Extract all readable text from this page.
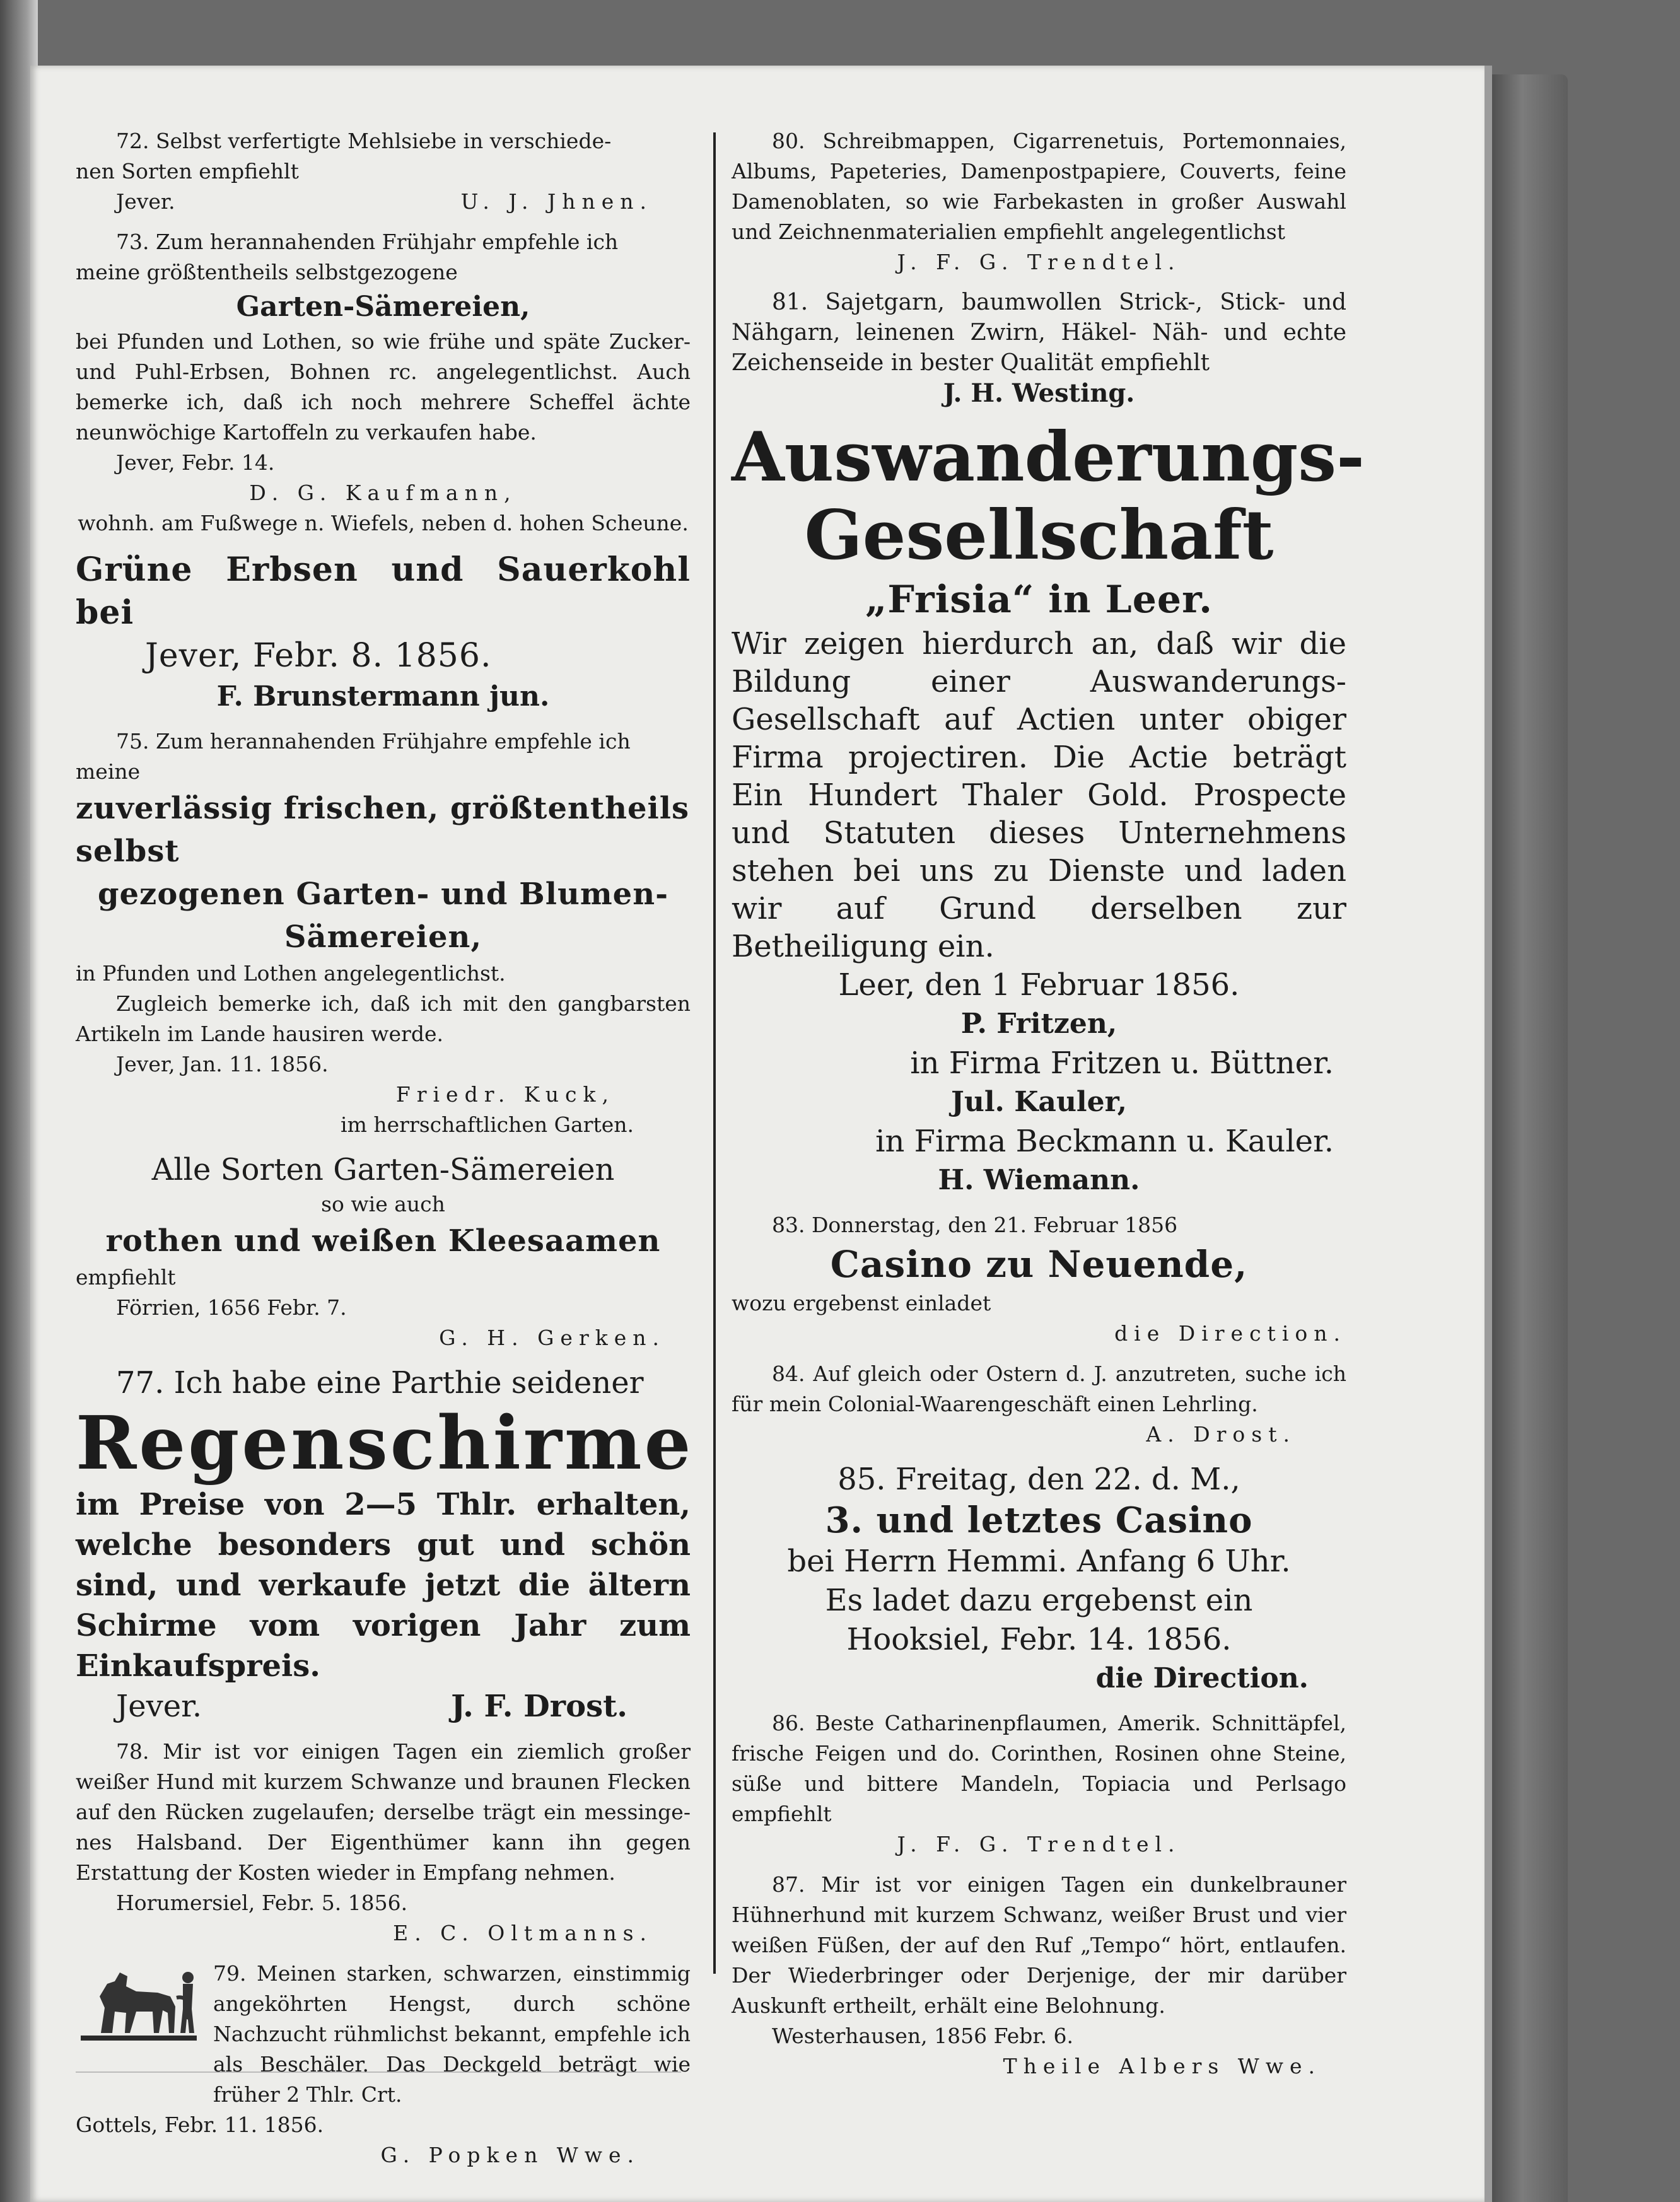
72. Selbst verfertigte Mehlsiebe in verschiede-
nen Sorten empfiehlt
Jever.	U. J. Jhnen.
73. Zum herannahenden Frühjahr empfehle ich
meine größtentheils selbstgezogene
Garten-Sämereien,
bei Pfunden und Lothen, so wie frühe und späte Zucker- und Puhl-Erbsen, Bohnen rc. angelegentlichst. Auch bemerke ich, daß ich noch mehrere Scheffel ächte neunwöchige Kartoffeln zu verkaufen habe.
Jever, Febr. 14.
D. G. Kaufmann,
wohnh. am Fußwege n. Wiefels, neben d. hohen Scheune.
Grüne Erbsen und Sauerkohl bei
Jever, Febr. 8. 1856.
F. Brunstermann jun.
75. Zum herannahenden Frühjahre empfehle ich
meine
zuverlässig frischen, größtentheils selbst
gezogenen Garten- und Blumen-
Sämereien,
in Pfunden und Lothen angelegentlichst.
Zugleich bemerke ich, daß ich mit den gangbarsten Artikeln im Lande hausiren werde.
Jever, Jan. 11. 1856.
Friedr. Kuck,
im herrschaftlichen Garten.
Alle Sorten Garten-Sämereien
so wie auch
rothen und weißen Kleesaamen
empfiehlt
Förrien, 1656 Febr. 7.
G. H. Gerken.
77. Ich habe eine Parthie seidener
Regenschirme
im Preise von 2—5 Thlr. erhalten, welche besonders gut und schön sind, und verkaufe jetzt die ältern Schirme vom vorigen Jahr zum Einkaufspreis.
Jever.	J. F. Drost.
78. Mir ist vor einigen Tagen ein ziemlich großer weißer Hund mit kurzem Schwanze und braunen Flecken auf den Rücken zugelaufen; derselbe trägt ein messinge-nes Halsband. Der Eigenthümer kann ihn gegen Erstattung der Kosten wieder in Empfang nehmen.
Horumersiel, Febr. 5. 1856.
E. C. Oltmanns.
79. Meinen starken, schwarzen, einstimmig angeköhrten Hengst, durch schöne Nachzucht rühmlichst bekannt, empfehle ich als Beschäler. Das Deckgeld beträgt wie früher 2 Thlr. Crt.
Gottels, Febr. 11. 1856.
G. Popken Wwe.
80. Schreibmappen, Cigarrenetuis, Portemonnaies, Albums, Papeteries, Damenpostpapiere, Couverts, feine Damenoblaten, so wie Farbekasten in großer Auswahl und Zeichnenmaterialien empfiehlt angelegentlichst
J. F. G. Trendtel.
81. Sajetgarn, baumwollen Strick-, Stick- und Nähgarn, leinenen Zwirn, Häkel- Näh- und echte Zeichenseide in bester Qualität empfiehlt
J. H. Westing.
Auswanderungs-
Gesellschaft
„Frisia“ in Leer.
Wir zeigen hierdurch an, daß wir die Bildung einer Auswanderungs-Gesellschaft auf Actien unter obiger Firma projectiren. Die Actie beträgt Ein Hundert Thaler Gold. Prospecte und Statuten dieses Unternehmens stehen bei uns zu Dienste und laden wir auf Grund derselben zur Betheiligung ein.
Leer, den 1 Februar 1856.
P. Fritzen,
in Firma Fritzen u. Büttner.
Jul. Kauler,
in Firma Beckmann u. Kauler.
H. Wiemann.
83. Donnerstag, den 21. Februar 1856
Casino zu Neuende,
wozu ergebenst einladet
die Direction.
84. Auf gleich oder Ostern d. J. anzutreten, suche ich für mein Colonial-Waarengeschäft einen Lehrling.
A. Drost.
85. Freitag, den 22. d. M.,
3. und letztes Casino
bei Herrn Hemmi. Anfang 6 Uhr.
Es ladet dazu ergebenst ein
Hooksiel, Febr. 14. 1856.
die Direction.
86. Beste Catharinenpflaumen, Amerik. Schnittäpfel, frische Feigen und do. Corinthen, Rosinen ohne Steine, süße und bittere Mandeln, Topiacia und Perlsago empfiehlt
J. F. G. Trendtel.
87. Mir ist vor einigen Tagen ein dunkelbrauner Hühnerhund mit kurzem Schwanz, weißer Brust und vier weißen Füßen, der auf den Ruf „Tempo“ hört, entlaufen. Der Wiederbringer oder Derjenige, der mir darüber Auskunft ertheilt, erhält eine Belohnung.
Westerhausen, 1856 Febr. 6.
Theile Albers Wwe.
